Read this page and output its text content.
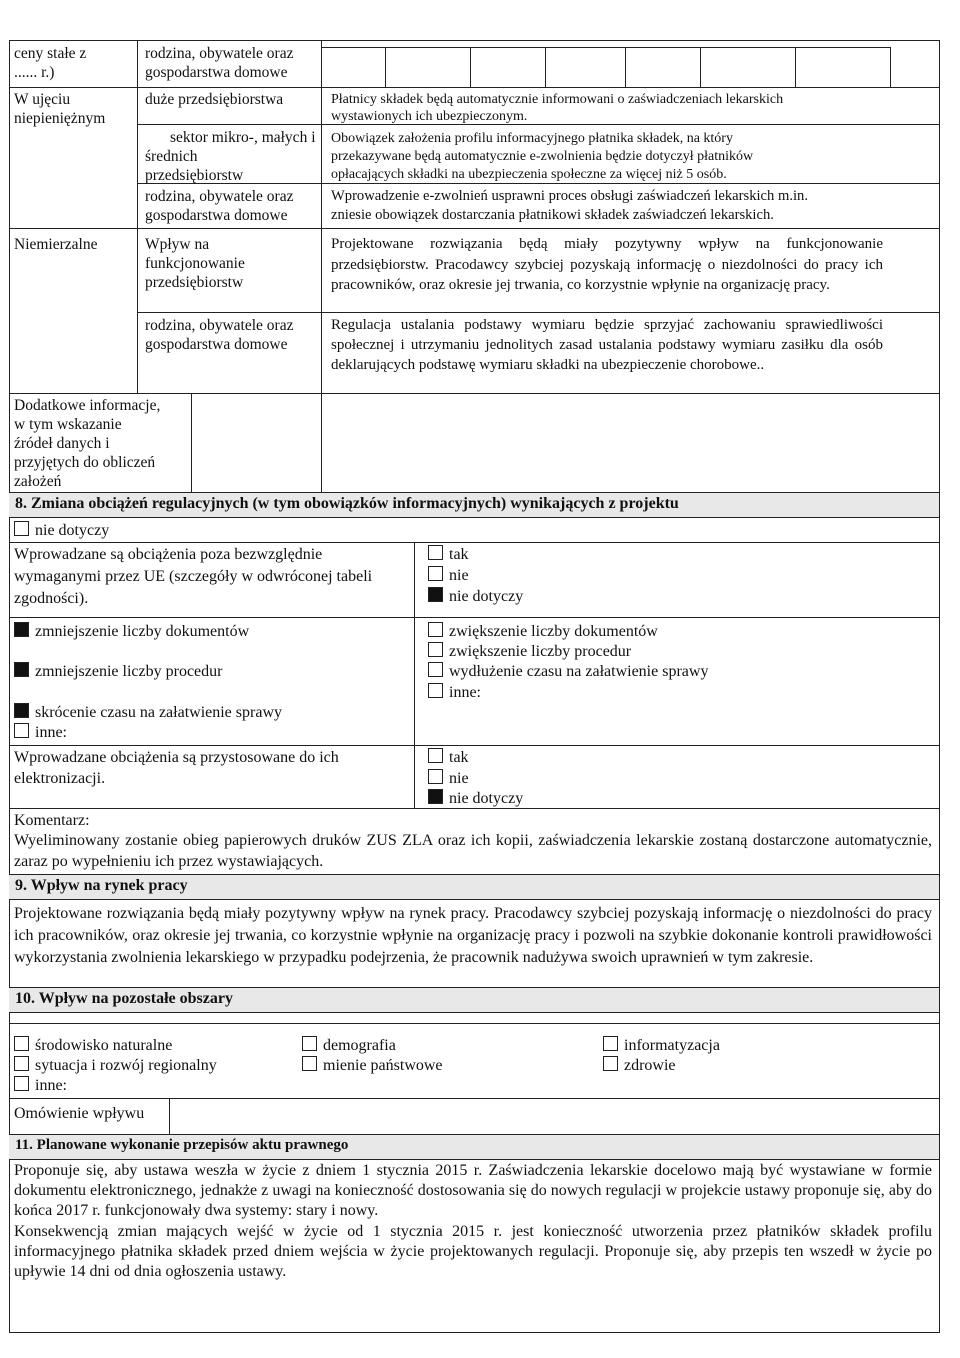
ceny stałe z
...... r.)
rodzina, obywatele oraz
gospodarstwa domowe
W ujęciu
niepieniężnym
duże przedsiębiorstwa	Płatnicy składek będą automatycznie informowani o zaświadczeniach lekarskich
wystawionych ich ubezpieczonym.
sektor mikro-, małych i
średnich
przedsiębiorstw
Obowiązek założenia profilu informacyjnego płatnika składek, na który
przekazywane będą automatycznie e-zwolnienia będzie dotyczył płatników
opłacających składki na ubezpieczenia społeczne za więcej niż 5 osób.
rodzina, obywatele oraz
gospodarstwa domowe
Wprowadzenie e-zwolnień usprawni proces obsługi zaświadczeń lekarskich m.in.
zniesie obowiązek dostarczania płatnikowi składek zaświadczeń lekarskich.
Niemierzalne	Wpływ na
funkcjonowanie
przedsiębiorstw
Projektowane rozwiązania będą miały pozytywny wpływ na funkcjonowanie przedsiębiorstw. Pracodawcy szybciej pozyskają informację o niezdolności do pracy ich pracowników, oraz okresie jej trwania, co korzystnie wpłynie na organizację pracy.
rodzina, obywatele oraz
gospodarstwa domowe
Regulacja ustalania podstawy wymiaru będzie sprzyjać zachowaniu sprawiedliwości społecznej i utrzymaniu jednolitych zasad ustalania podstawy wymiaru zasiłku dla osób deklarujących podstawę wymiaru składki na ubezpieczenie chorobowe..
Dodatkowe informacje,
w tym wskazanie
źródeł danych i
przyjętych do obliczeń
założeń
8. Zmiana obciążeń regulacyjnych (w tym obowiązków informacyjnych) wynikających z projektu
nie dotyczy
Wprowadzane są obciążenia poza bezwzględnie
wymaganymi przez UE (szczegóły w odwróconej tabeli
zgodności).
tak
nie
nie dotyczy
zmniejszenie liczby dokumentów
zmniejszenie liczby procedur
skrócenie czasu na załatwienie sprawy
inne:
zwiększenie liczby dokumentów
zwiększenie liczby procedur
wydłużenie czasu na załatwienie sprawy
inne:
Wprowadzane obciążenia są przystosowane do ich
elektronizacji.
tak
nie
nie dotyczy
Komentarz:
Wyeliminowany zostanie obieg papierowych druków ZUS ZLA oraz ich kopii, zaświadczenia lekarskie zostaną dostarczone automatycznie, zaraz po wypełnieniu ich przez wystawiających.
9. Wpływ na rynek pracy
Projektowane rozwiązania będą miały pozytywny wpływ na rynek pracy. Pracodawcy szybciej pozyskają informację o niezdolności do pracy ich pracowników, oraz okresie jej trwania, co korzystnie wpłynie na organizację pracy i pozwoli na szybkie dokonanie kontroli prawidłowości wykorzystania zwolnienia lekarskiego w przypadku podejrzenia, że pracownik nadużywa swoich uprawnień w tym zakresie.
10. Wpływ na pozostałe obszary
środowisko naturalne
sytuacja i rozwój regionalny
inne:
demografia
mienie państwowe
informatyzacja
zdrowie
Omówienie wpływu
11. Planowane wykonanie przepisów aktu prawnego
Proponuje się, aby ustawa weszła w życie z dniem 1 stycznia 2015 r. Zaświadczenia lekarskie docelowo mają być wystawiane w formie dokumentu elektronicznego, jednakże z uwagi na konieczność dostosowania się do nowych regulacji w projekcie ustawy proponuje się, aby do końca 2017 r. funkcjonowały dwa systemy: stary i nowy.
Konsekwencją zmian mających wejść w życie od 1 stycznia 2015 r. jest konieczność utworzenia przez płatników składek profilu informacyjnego płatnika składek przed dniem wejścia w życie projektowanych regulacji. Proponuje się, aby przepis ten wszedł w życie po upływie 14 dni od dnia ogłoszenia ustawy.
